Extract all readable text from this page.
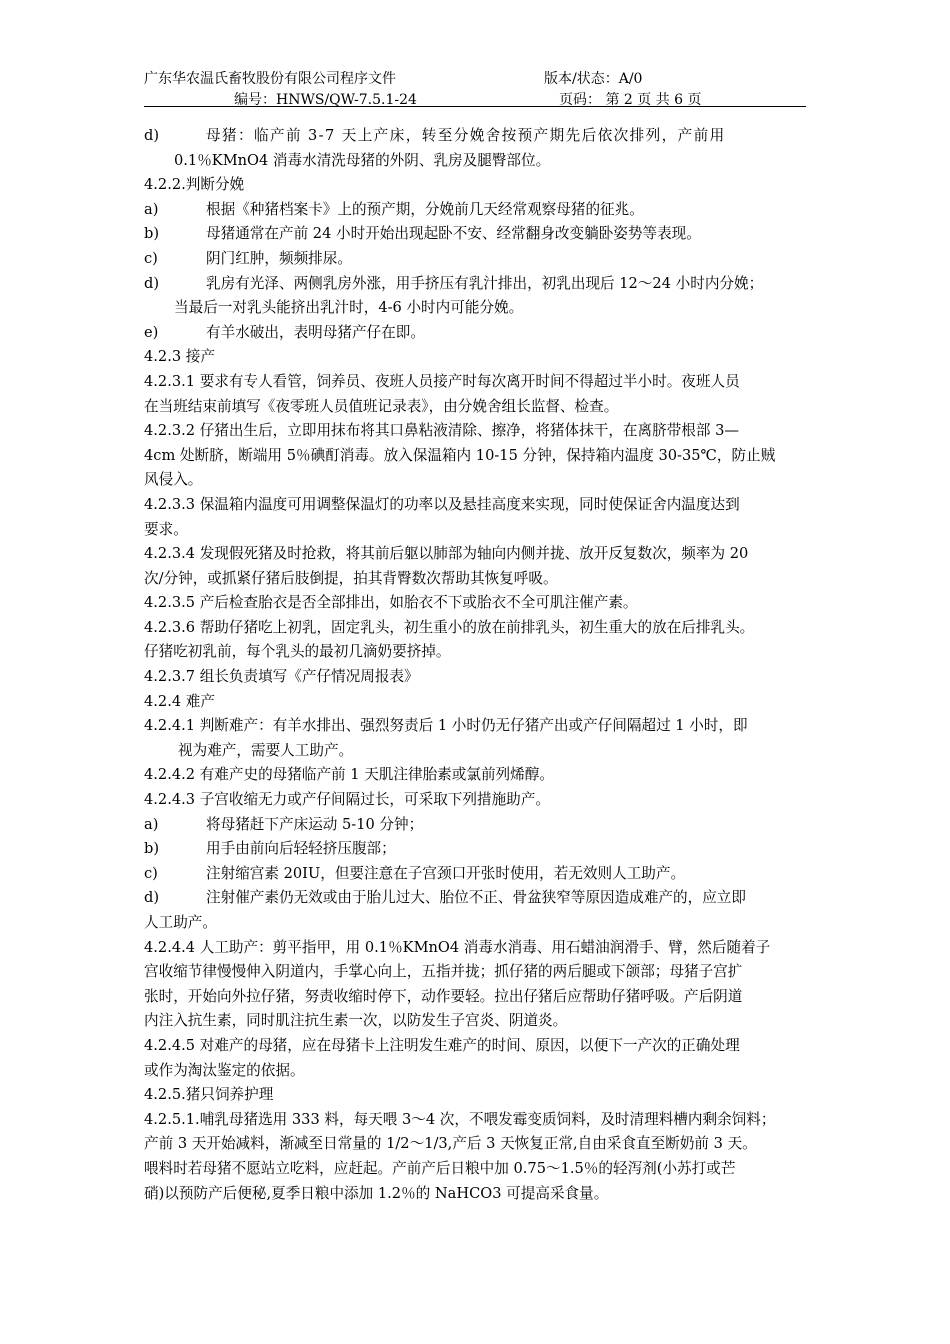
广东华农温氏畜牧股份有限公司程序文件	版本/状态：A/0
编号：HNWS/QW-7.5.1-24	页码： 第 2 页 共 6 页
d)	母猪：临产前 3-7 天上产床，转至分娩舍按预产期先后依次排列，产前用
0.1％KMnO4 消毒水清洗母猪的外阴、乳房及腿臀部位。
4.2.2.判断分娩
a)	根据《种猪档案卡》上的预产期，分娩前几天经常观察母猪的征兆。
b)	母猪通常在产前 24 小时开始出现起卧不安、经常翻身改变躺卧姿势等表现。
c)	阴门红肿，频频排尿。
d)	乳房有光泽、两侧乳房外涨，用手挤压有乳汁排出，初乳出现后 12～24 小时内分娩；
当最后一对乳头能挤出乳汁时，4-6 小时内可能分娩。
e)	有羊水破出，表明母猪产仔在即。
4.2.3 接产
4.2.3.1 要求有专人看管，饲养员、夜班人员接产时每次离开时间不得超过半小时。夜班人员
在当班结束前填写《夜零班人员值班记录表》，由分娩舍组长监督、检查。
4.2.3.2 仔猪出生后，立即用抹布将其口鼻粘液清除、擦净，将猪体抹干，在离脐带根部 3—
4cm 处断脐，断端用 5％碘酊消毒。放入保温箱内 10-15 分钟，保持箱内温度 30-35℃，防止贼
风侵入。
4.2.3.3 保温箱内温度可用调整保温灯的功率以及悬挂高度来实现，同时使保证舍内温度达到
要求。
4.2.3.4 发现假死猪及时抢救，将其前后躯以肺部为轴向内侧并拢、放开反复数次，频率为 20
次/分钟，或抓紧仔猪后肢倒提，拍其背臀数次帮助其恢复呼吸。
4.2.3.5 产后检查胎衣是否全部排出，如胎衣不下或胎衣不全可肌注催产素。
4.2.3.6 帮助仔猪吃上初乳，固定乳头，初生重小的放在前排乳头，初生重大的放在后排乳头。
仔猪吃初乳前，每个乳头的最初几滴奶要挤掉。
4.2.3.7 组长负责填写《产仔情况周报表》
4.2.4 难产
4.2.4.1 判断难产：有羊水排出、强烈努责后 1 小时仍无仔猪产出或产仔间隔超过 1 小时，即
视为难产，需要人工助产。
4.2.4.2 有难产史的母猪临产前 1 天肌注律胎素或氯前列烯醇。
4.2.4.3 子宫收缩无力或产仔间隔过长，可采取下列措施助产。
a)	将母猪赶下产床运动 5-10 分钟；
b)	用手由前向后轻轻挤压腹部；
c)	注射缩宫素 20IU，但要注意在子宫颈口开张时使用，若无效则人工助产。
d)	注射催产素仍无效或由于胎儿过大、胎位不正、骨盆狭窄等原因造成难产的，应立即
人工助产。
4.2.4.4 人工助产：剪平指甲，用 0.1％KMnO4 消毒水消毒、用石蜡油润滑手、臂，然后随着子
宫收缩节律慢慢伸入阴道内，手掌心向上，五指并拢；抓仔猪的两后腿或下颌部；母猪子宫扩
张时，开始向外拉仔猪，努责收缩时停下，动作要轻。拉出仔猪后应帮助仔猪呼吸。产后阴道
内注入抗生素，同时肌注抗生素一次，以防发生子宫炎、阴道炎。
4.2.4.5 对难产的母猪，应在母猪卡上注明发生难产的时间、原因，以便下一产次的正确处理
或作为淘汰鉴定的依据。
4.2.5.猪只饲养护理
4.2.5.1.哺乳母猪选用 333 料，每天喂 3～4 次，不喂发霉变质饲料，及时清理料槽内剩余饲料；
产前 3 天开始减料，渐减至日常量的 1/2～1/3,产后 3 天恢复正常,自由采食直至断奶前 3 天。
喂料时若母猪不愿站立吃料，应赶起。产前产后日粮中加 0.75～1.5％的轻泻剂(小苏打或芒
硝)以预防产后便秘,夏季日粮中添加 1.2％的 NaHCO3 可提高采食量。
